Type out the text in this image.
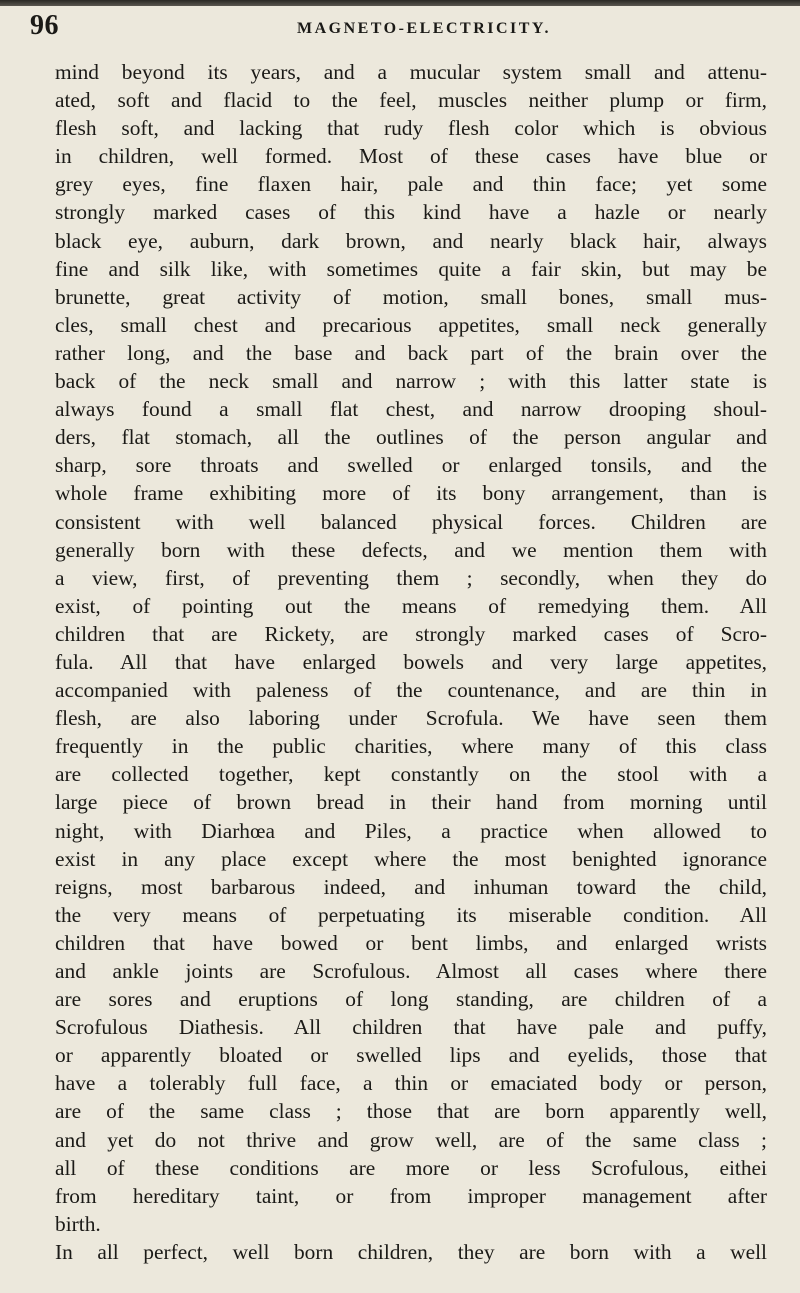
96	MAGNETO-ELECTRICITY.

mind beyond its years, and a mucular system small and attenu-

ated, soft and flacid to the feel, muscles neither plump or firm,

flesh soft, and lacking that rudy flesh color which is obvious

in children, well formed. Most of these cases have blue or

grey eyes, fine flaxen hair, pale and thin face; yet some

strongly marked cases of this kind have a hazle or nearly

black eye, auburn, dark brown, and nearly black hair, always

fine and silk like, with sometimes quite a fair skin, but may be

brunette, great activity of motion, small bones, small mus-

cles, small chest and precarious appetites, small neck generally

rather long, and the base and back part of the brain over the

back of the neck small and narrow ; with this latter state is

always found a small flat chest, and narrow drooping shoul-

ders, flat stomach, all the outlines of the person angular and

sharp, sore throats and swelled or enlarged tonsils, and the

whole frame exhibiting more of its bony arrangement, than is

consistent with well balanced physical forces. Children are

generally born with these defects, and we mention them with

a view, first, of preventing them ; secondly, when they do

exist, of pointing out the means of remedying them. All

children that are Rickety, are strongly marked cases of Scro-

fula. All that have enlarged bowels and very large appetites,

accompanied with paleness of the countenance, and are thin in

flesh, are also laboring under Scrofula. We have seen them

frequently in the public charities, where many of this class

are collected together, kept constantly on the stool with a

large piece of brown bread in their hand from morning until

night, with Diarhœa and Piles, a practice when allowed to

exist in any place except where the most benighted ignorance

reigns, most barbarous indeed, and inhuman toward the child,

the very means of perpetuating its miserable condition. All

children that have bowed or bent limbs, and enlarged wrists

and ankle joints are Scrofulous. Almost all cases where there

are sores and eruptions of long standing, are children of a

Scrofulous Diathesis. All children that have pale and puffy,

or apparently bloated or swelled lips and eyelids, those that

have a tolerably full face, a thin or emaciated body or person,

are of the same class ; those that are born apparently well,

and yet do not thrive and grow well, are of the same class ;

all of these conditions are more or less Scrofulous, eithei

from hereditary taint, or from improper management after

birth.

In all perfect, well born children, they are born with a well
